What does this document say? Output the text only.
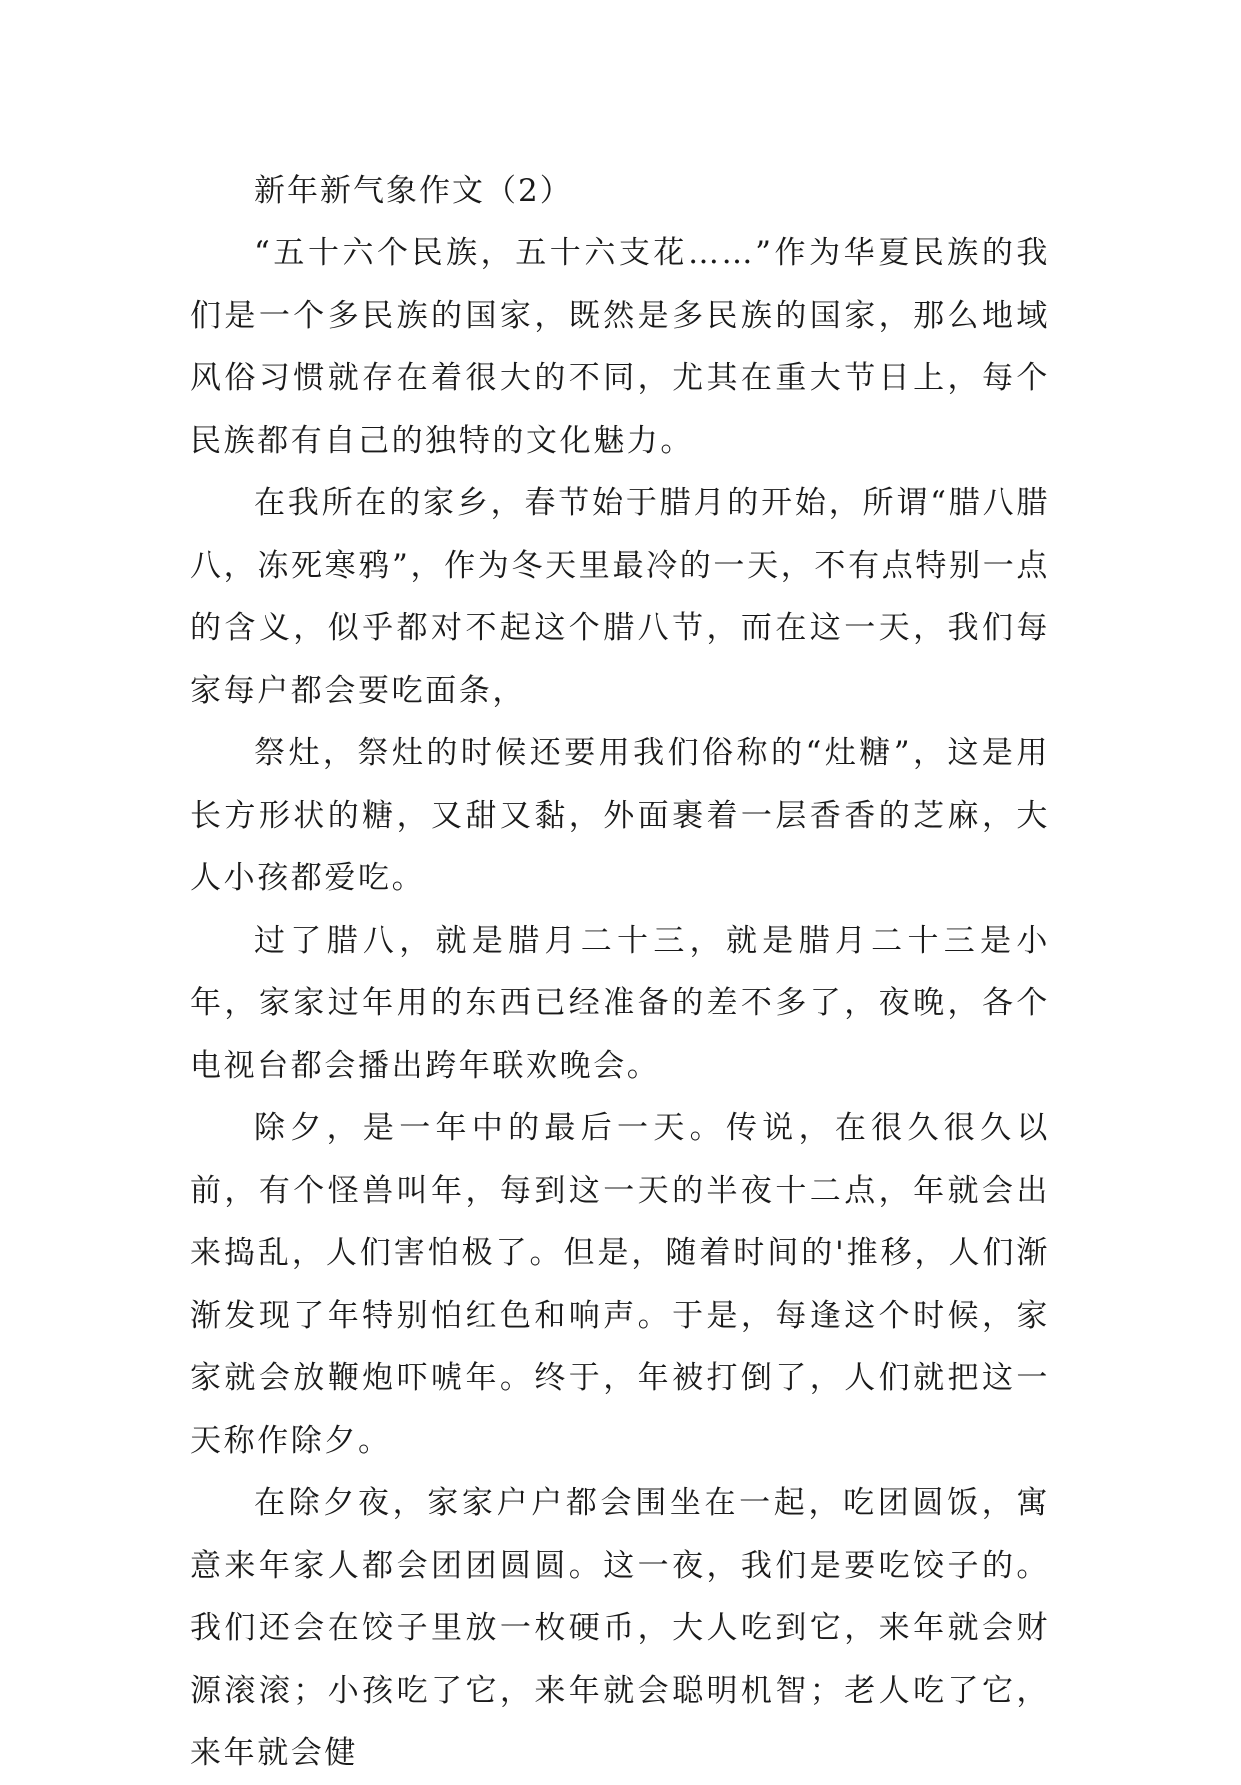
新年新气象作文（2）

“五十六个民族，五十六支花……”作为华夏民族的我们是一个多民族的国家，既然是多民族的国家，那么地域风俗习惯就存在着很大的不同，尤其在重大节日上，每个民族都有自己的独特的文化魅力。

在我所在的家乡，春节始于腊月的开始，所谓“腊八腊八，冻死寒鸦”，作为冬天里最冷的一天，不有点特别一点的含义，似乎都对不起这个腊八节，而在这一天，我们每家每户都会要吃面条，

祭灶，祭灶的时候还要用我们俗称的“灶糖”，这是用长方形状的糖，又甜又黏，外面裹着一层香香的芝麻，大人小孩都爱吃。

过了腊八，就是腊月二十三，就是腊月二十三是小年，家家过年用的东西已经准备的差不多了，夜晚，各个电视台都会播出跨年联欢晚会。

除夕，是一年中的最后一天。传说，在很久很久以前，有个怪兽叫年，每到这一天的半夜十二点，年就会出来捣乱，人们害怕极了。但是，随着时间的'推移，人们渐渐发现了年特别怕红色和响声。于是，每逢这个时候，家家就会放鞭炮吓唬年。终于，年被打倒了，人们就把这一天称作除夕。

在除夕夜，家家户户都会围坐在一起，吃团圆饭，寓意来年家人都会团团圆圆。这一夜，我们是要吃饺子的。我们还会在饺子里放一枚硬币，大人吃到它，来年就会财源滚滚；小孩吃了它，来年就会聪明机智；老人吃了它，来年就会健
